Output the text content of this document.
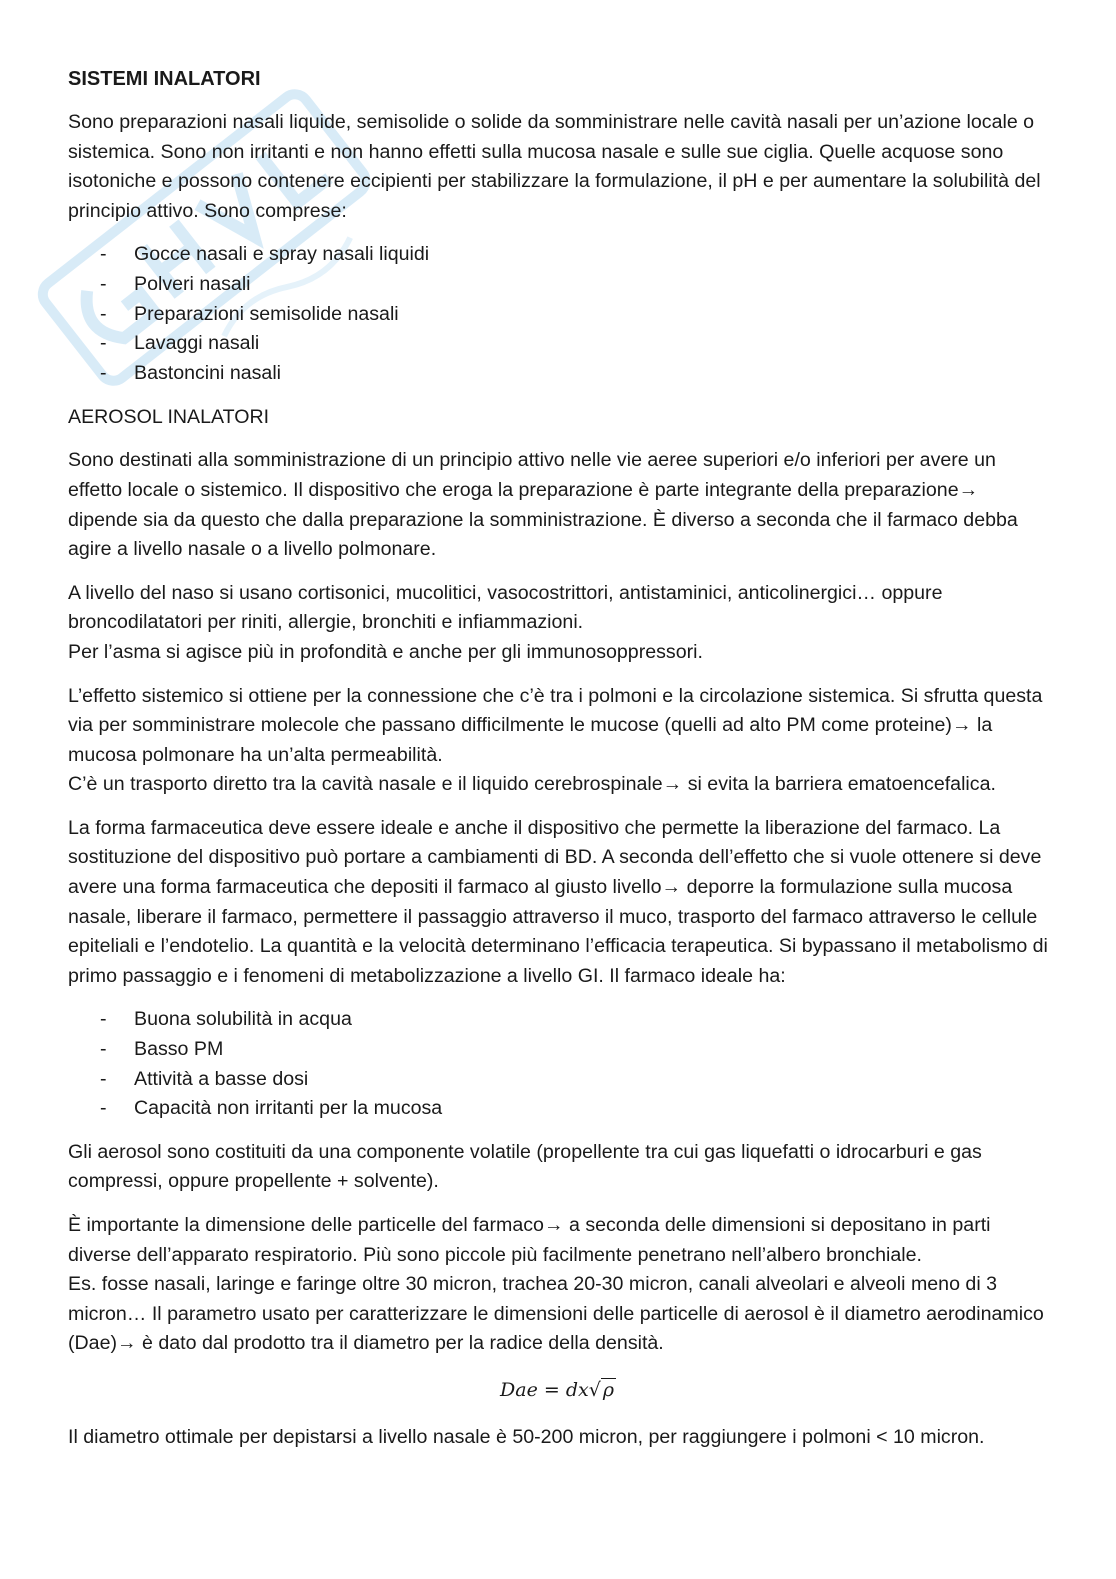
SISTEMI INALATORI

Sono preparazioni nasali liquide, semisolide o solide da somministrare nelle cavità nasali per un’azione locale o sistemica. Sono non irritanti e non hanno effetti sulla mucosa nasale e sulle sue ciglia. Quelle acquose sono isotoniche e possono contenere eccipienti per stabilizzare la formulazione, il pH e per aumentare la solubilità del principio attivo. Sono comprese:

- Gocce nasali e spray nasali liquidi
- Polveri nasali
- Preparazioni semisolide nasali
- Lavaggi nasali
- Bastoncini nasali
AEROSOL INALATORI

Sono destinati alla somministrazione di un principio attivo nelle vie aeree superiori e/o inferiori per avere un effetto locale o sistemico. Il dispositivo che eroga la preparazione è parte integrante della preparazione→ dipende sia da questo che dalla preparazione la somministrazione. È diverso a seconda che il farmaco debba agire a livello nasale o a livello polmonare.

A livello del naso si usano cortisonici, mucolitici, vasocostrittori, antistaminici, anticolinergici… oppure broncodilatatori per riniti, allergie, bronchiti e infiammazioni.
Per l’asma si agisce più in profondità e anche per gli immunosoppressori.

L’effetto sistemico si ottiene per la connessione che c’è tra i polmoni e la circolazione sistemica. Si sfrutta questa via per somministrare molecole che passano difficilmente le mucose (quelli ad alto PM come proteine)→ la mucosa polmonare ha un’alta permeabilità.
C’è un trasporto diretto tra la cavità nasale e il liquido cerebrospinale→ si evita la barriera ematoencefalica.

La forma farmaceutica deve essere ideale e anche il dispositivo che permette la liberazione del farmaco. La sostituzione del dispositivo può portare a cambiamenti di BD. A seconda dell’effetto che si vuole ottenere si deve avere una forma farmaceutica che depositi il farmaco al giusto livello→ deporre la formulazione sulla mucosa nasale, liberare il farmaco, permettere il passaggio attraverso il muco, trasporto del farmaco attraverso le cellule epiteliali e l’endotelio. La quantità e la velocità determinano l’efficacia terapeutica. Si bypassano il metabolismo di primo passaggio e i fenomeni di metabolizzazione a livello GI. Il farmaco ideale ha:

- Buona solubilità in acqua
- Basso PM
- Attività a basse dosi
- Capacità non irritanti per la mucosa

Gli aerosol sono costituiti da una componente volatile (propellente tra cui gas liquefatti o idrocarburi e gas compressi, oppure propellente + solvente).

È importante la dimensione delle particelle del farmaco→ a seconda delle dimensioni si depositano in parti diverse dell’apparato respiratorio. Più sono piccole più facilmente penetrano nell’albero bronchiale.
Es. fosse nasali, laringe e faringe oltre 30 micron, trachea 20-30 micron, canali alveolari e alveoli meno di 3 micron… Il parametro usato per caratterizzare le dimensioni delle particelle di aerosol è il diametro aerodinamico (Dae)→ è dato dal prodotto tra il diametro per la radice della densità.

Dae = dx√ ρ

Il diametro ottimale per depistarsi a livello nasale è 50-200 micron, per raggiungere i polmoni < 10 micron.
